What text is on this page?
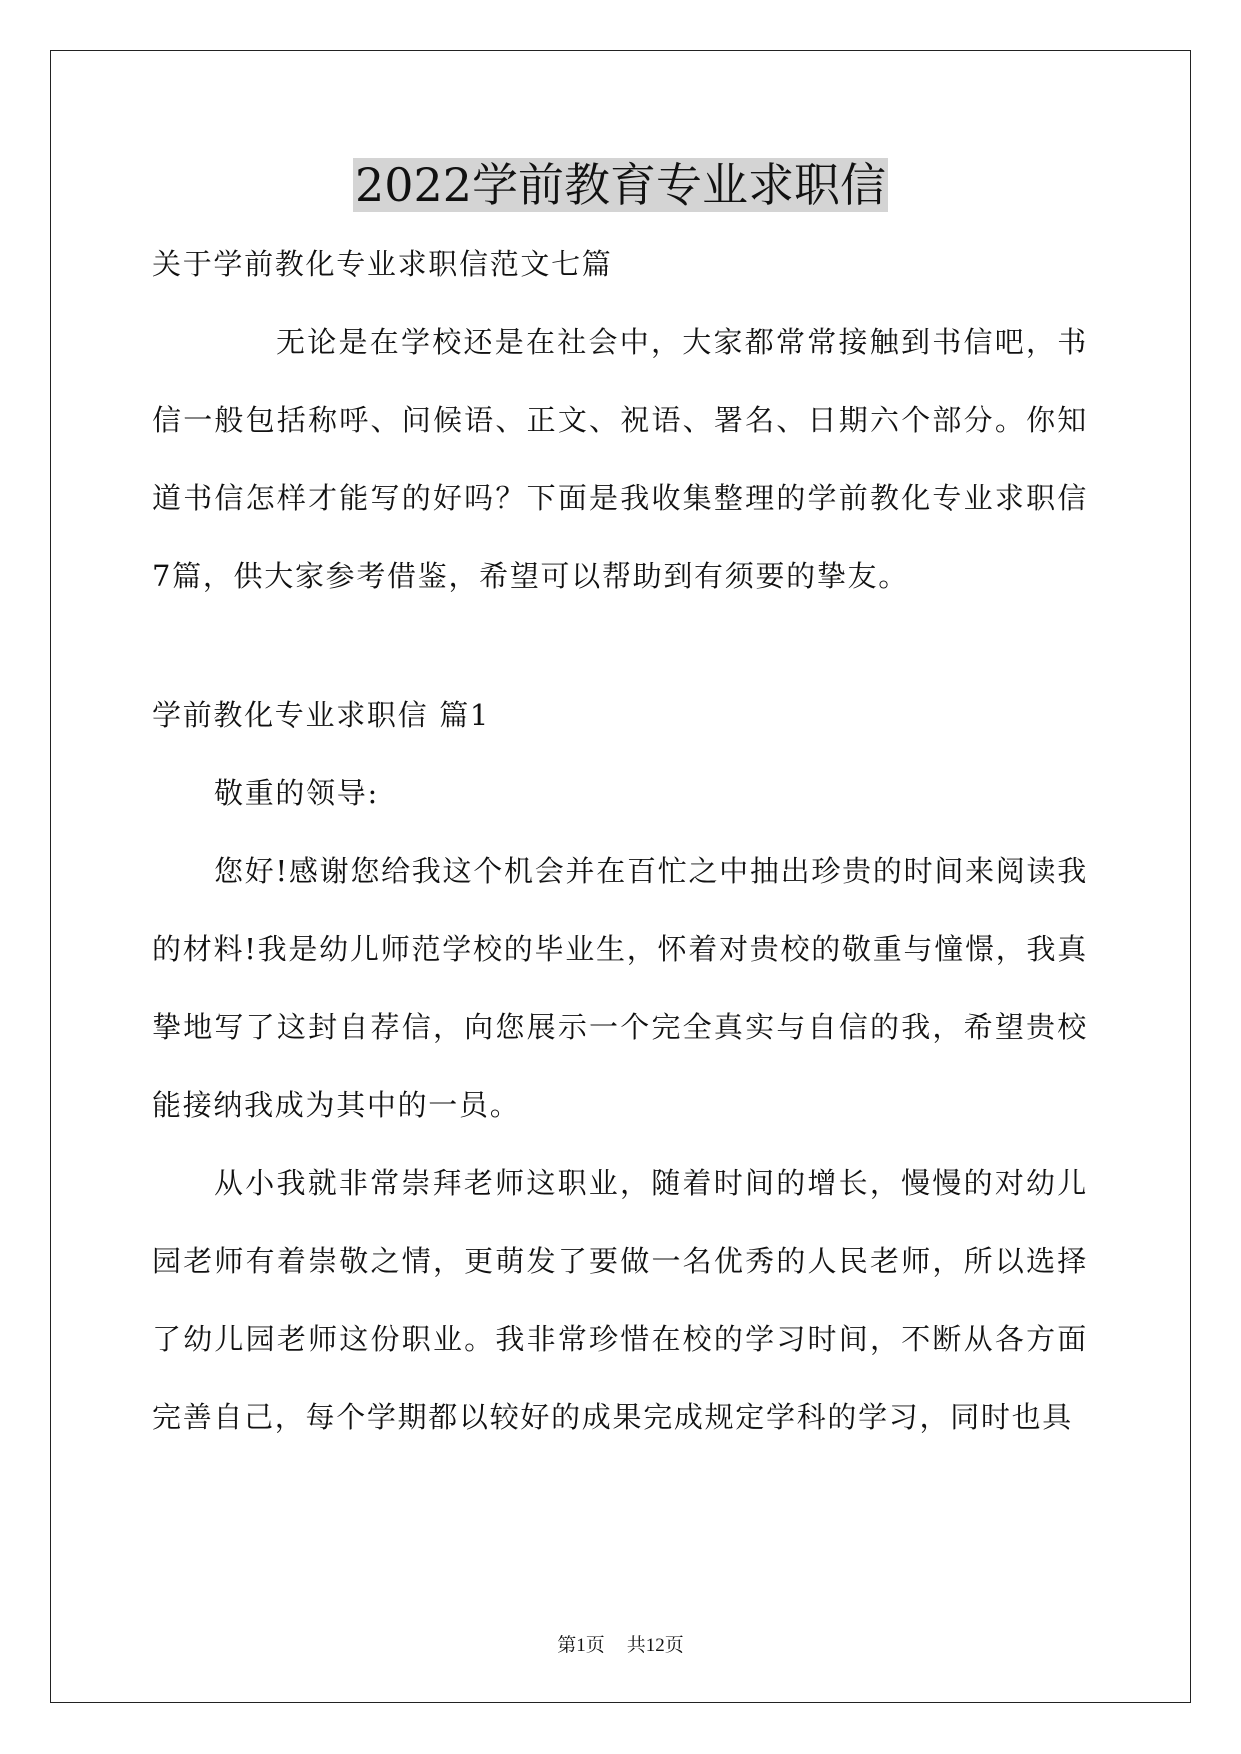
2022学前教育专业求职信

关于学前教化专业求职信范文七篇

无论是在学校还是在社会中，大家都常常接触到书信吧，书信一般包括称呼、问候语、正文、祝语、署名、日期六个部分。你知道书信怎样才能写的好吗？下面是我收集整理的学前教化专业求职信7篇，供大家参考借鉴，希望可以帮助到有须要的挚友。

学前教化专业求职信 篇1

敬重的领导:

您好!感谢您给我这个机会并在百忙之中抽出珍贵的时间来阅读我的材料!我是幼儿师范学校的毕业生，怀着对贵校的敬重与憧憬，我真挚地写了这封自荐信，向您展示一个完全真实与自信的我，希望贵校能接纳我成为其中的一员。

从小我就非常崇拜老师这职业，随着时间的增长，慢慢的对幼儿园老师有着崇敬之情，更萌发了要做一名优秀的人民老师，所以选择了幼儿园老师这份职业。我非常珍惜在校的学习时间，不断从各方面完善自己，每个学期都以较好的成果完成规定学科的学习，同时也具

第1页 共12页
